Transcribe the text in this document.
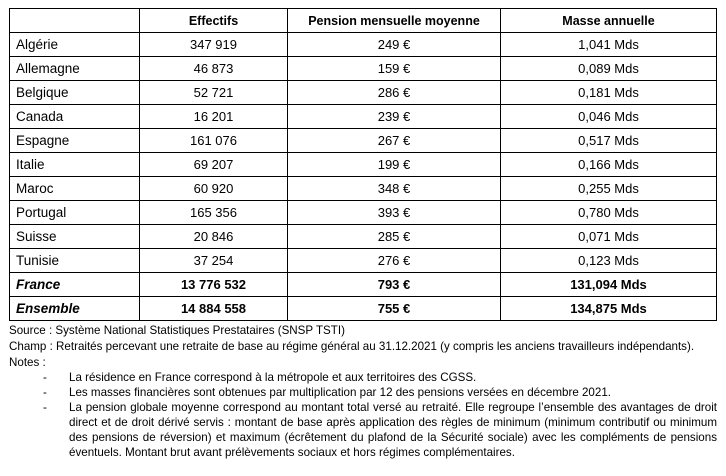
	Effectifs	Pension mensuelle moyenne	Masse annuelle
Algérie	347 919	249 €	1,041 Mds
Allemagne	46 873	159 €	0,089 Mds
Belgique	52 721	286 €	0,181 Mds
Canada	16 201	239 €	0,046 Mds
Espagne	161 076	267 €	0,517 Mds
Italie	69 207	199 €	0,166 Mds
Maroc	60 920	348 €	0,255 Mds
Portugal	165 356	393 €	0,780 Mds
Suisse	20 846	285 €	0,071 Mds
Tunisie	37 254	276 €	0,123 Mds
France	13 776 532	793 €	131,094 Mds
Ensemble	14 884 558	755 €	134,875 Mds

Source : Système National Statistiques Prestataires (SNSP TSTI)

Champ : Retraités percevant une retraite de base au régime général au 31.12.2021 (y compris les anciens travailleurs indépendants).

Notes :

-	La résidence en France correspond à la métropole et aux territoires des CGSS.
-	Les masses financières sont obtenues par multiplication par 12 des pensions versées en décembre 2021.
-	La pension globale moyenne correspond au montant total versé au retraité. Elle regroupe l’ensemble des avantages de droit direct et de droit dérivé servis : montant de base après application des règles de minimum (minimum contributif ou minimum des pensions de réversion) et maximum (écrêtement du plafond de la Sécurité sociale) avec les compléments de pensions éventuels. Montant brut avant prélèvements sociaux et hors régimes complémentaires.
